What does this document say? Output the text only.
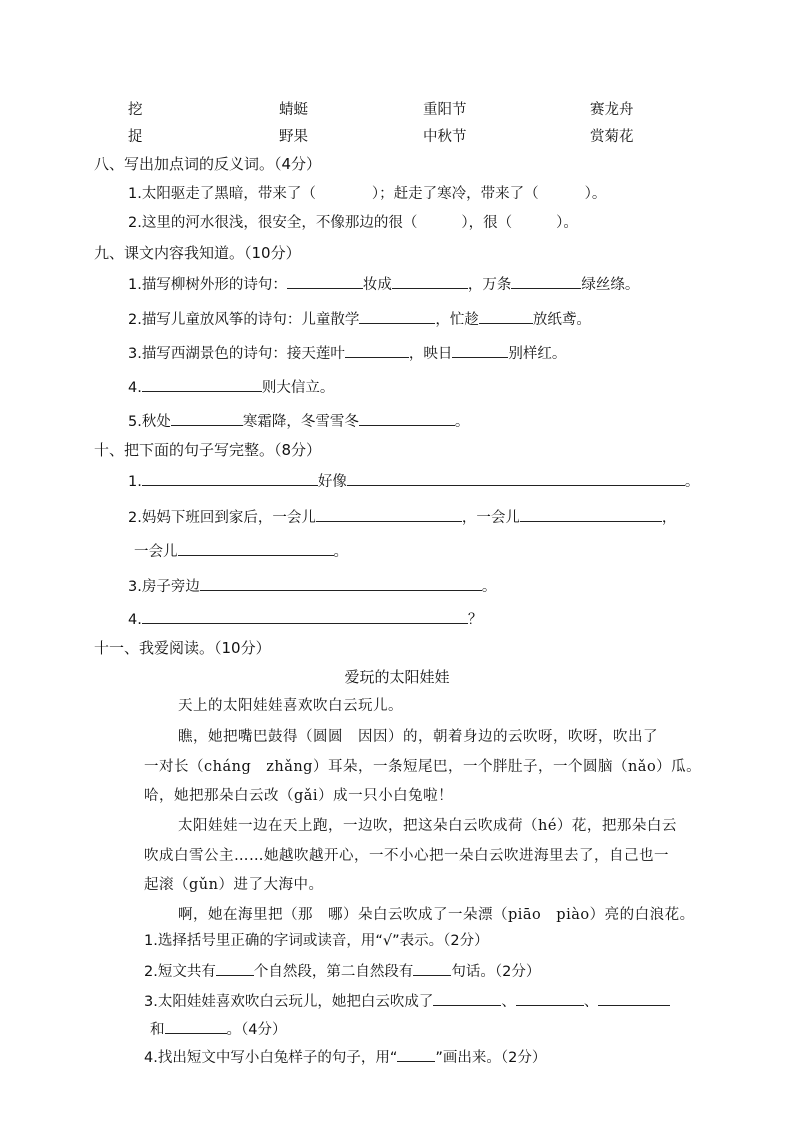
挖	蜻蜓	重阳节	赛龙舟
捉	野果	中秋节	赏菊花
八、写出加点词的反义词。（4分）
1.太阳驱走了黑暗，带来了（	）；赶走了寒冷，带来了（	）。
2.这里的河水很浅，很安全，不像那边的很（	），很（	）。
九、课文内容我知道。（10分）
1.描写柳树外形的诗句：	妆成	，万条	绿丝绦。
2.描写儿童放风筝的诗句：儿童散学	，忙趁	放纸鸢。
3.描写西湖景色的诗句：接天莲叶	，映日	别样红。
4.	则大信立。
5.秋处	寒霜降，冬雪雪冬	。
十、把下面的句子写完整。（8分）
1.	好像	。
2.妈妈下班回到家后，一会儿	，一会儿	，
一会儿	。
3.房子旁边	。
4.	？
十一、我爱阅读。（10分）
爱玩的太阳娃娃
天上的太阳娃娃喜欢吹白云玩儿。
瞧，她把嘴巴鼓得（圆圆　因因）的，朝着身边的云吹呀，吹呀，吹出了
一对长（cháng　zhǎng）耳朵，一条短尾巴，一个胖肚子，一个圆脑（nǎo）瓜。
哈，她把那朵白云改（gǎi）成一只小白兔啦！
太阳娃娃一边在天上跑，一边吹，把这朵白云吹成荷（hé）花，把那朵白云
吹成白雪公主……她越吹越开心，一不小心把一朵白云吹进海里去了，自己也一
起滚（gǔn）进了大海中。
啊，她在海里把（那　哪）朵白云吹成了一朵漂（piāo　piào）亮的白浪花。
1.选择括号里正确的字词或读音，用“√”表示。（2分）
2.短文共有	个自然段，第二自然段有	句话。（2分）
3.太阳娃娃喜欢吹白云玩儿，她把白云吹成了	、	、
和	。（4分）
4.找出短文中写小白兔样子的句子，用“	”画出来。（2分）
